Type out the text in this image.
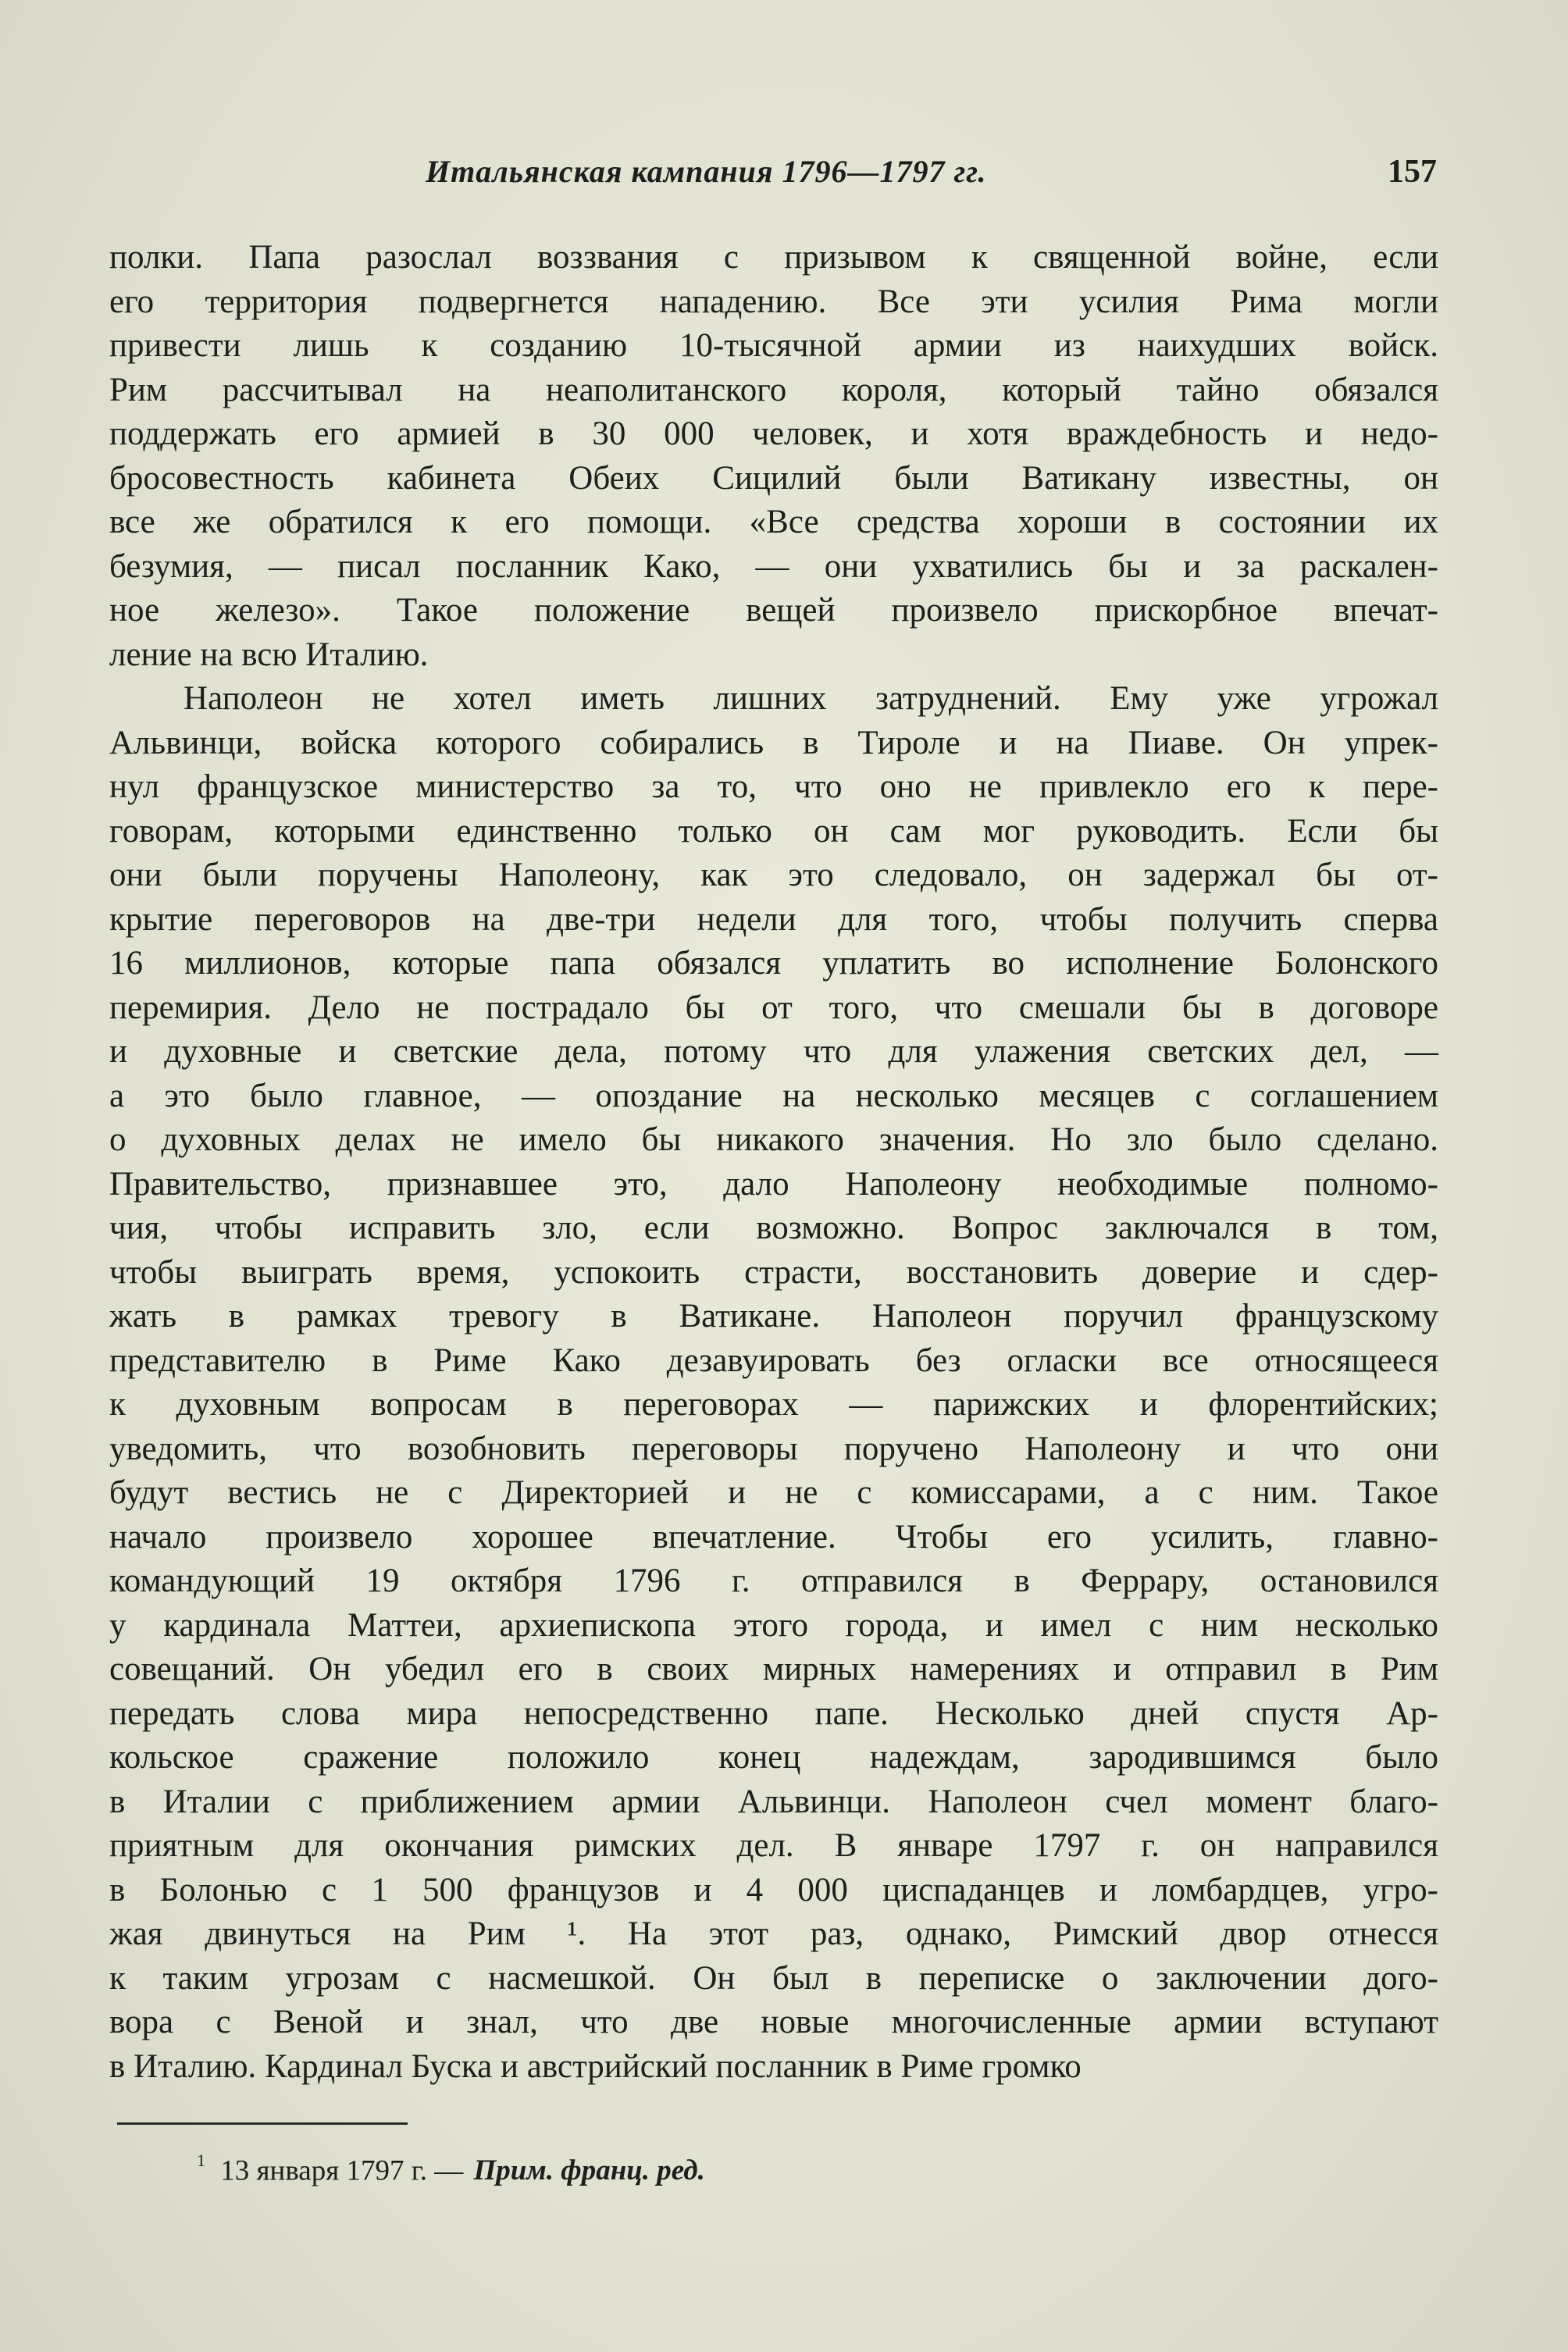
Итальянская кампания 1796—1797 гг.	157
полки. Папа разослал воззвания с призывом к священной войне, если
его территория подвергнется нападению. Все эти усилия Рима могли
привести лишь к созданию 10-тысячной армии из наихудших войск.
Рим рассчитывал на неаполитанского короля, который тайно обязался
поддержать его армией в 30 000 человек, и хотя враждебность и недо-
бросовестность кабинета Обеих Сицилий были Ватикану известны, он
все же обратился к его помощи. «Все средства хороши в состоянии их
безумия, — писал посланник Како, — они ухватились бы и за раскален-
ное железо». Такое положение вещей произвело прискорбное впечат-
ление на всю Италию.
Наполеон не хотел иметь лишних затруднений. Ему уже угрожал
Альвинци, войска которого собирались в Тироле и на Пиаве. Он упрек-
нул французское министерство за то, что оно не привлекло его к пере-
говорам, которыми единственно только он сам мог руководить. Если бы
они были поручены Наполеону, как это следовало, он задержал бы от-
крытие переговоров на две-три недели для того, чтобы получить сперва
16 миллионов, которые папа обязался уплатить во исполнение Болонского
перемирия. Дело не пострадало бы от того, что смешали бы в договоре
и духовные и светские дела, потому что для улажения светских дел, —
а это было главное, — опоздание на несколько месяцев с соглашением
о духовных делах не имело бы никакого значения. Но зло было сделано.
Правительство, признавшее это, дало Наполеону необходимые полномо-
чия, чтобы исправить зло, если возможно. Вопрос заключался в том,
чтобы выиграть время, успокоить страсти, восстановить доверие и сдер-
жать в рамках тревогу в Ватикане. Наполеон поручил французскому
представителю в Риме Како дезавуировать без огласки все относящееся
к духовным вопросам в переговорах — парижских и флорентийских;
уведомить, что возобновить переговоры поручено Наполеону и что они
будут вестись не с Директорией и не с комиссарами, а с ним. Такое
начало произвело хорошее впечатление. Чтобы его усилить, главно-
командующий 19 октября 1796 г. отправился в Феррару, остановился
у кардинала Маттеи, архиепископа этого города, и имел с ним несколько
совещаний. Он убедил его в своих мирных намерениях и отправил в Рим
передать слова мира непосредственно папе. Несколько дней спустя Ар-
кольское сражение положило конец надеждам, зародившимся было
в Италии с приближением армии Альвинци. Наполеон счел момент благо-
приятным для окончания римских дел. В январе 1797 г. он направился
в Болонью с 1 500 французов и 4 000 циспаданцев и ломбардцев, угро-
жая двинуться на Рим ¹. На этот раз, однако, Римский двор отнесся
к таким угрозам с насмешкой. Он был в переписке о заключении дого-
вора с Веной и знал, что две новые многочисленные армии вступают
в Италию. Кардинал Буска и австрийский посланник в Риме громко
$^1$ 13 января 1797 г. — Прим. франц. ред.
